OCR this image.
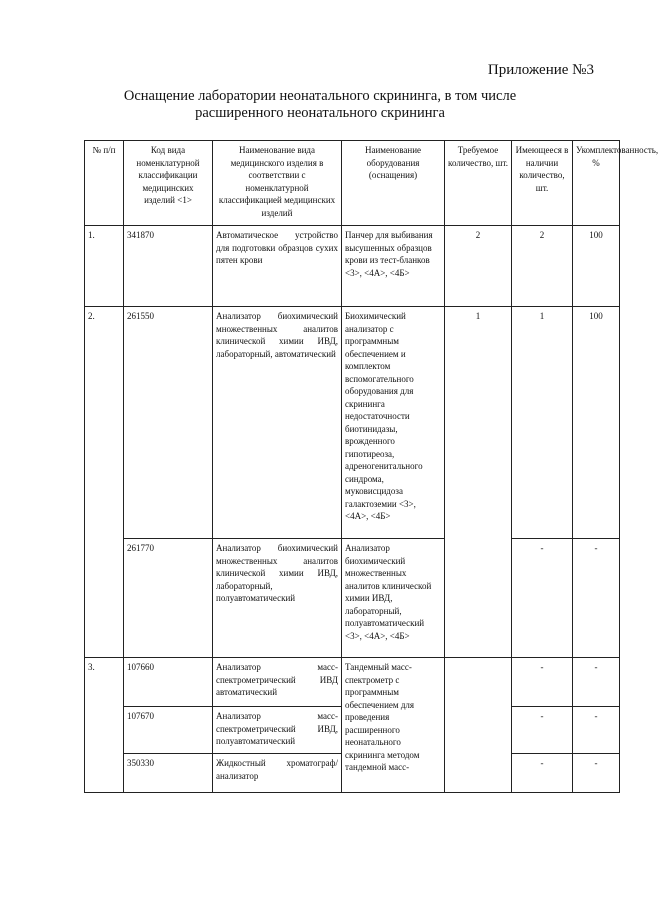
Приложение №3
Оснащение лаборатории неонатального скрининга, в том числе расширенного неонатального скрининга
№ п/п	Код вида номенклатурной классификации медицинских изделий <1>	Наименование вида медицинского изделия в соответствии с номенклатурной классификацией медицинских изделий	Наименование оборудования (оснащения)	Требуемое количество, шт.	Имеющееся в наличии количество, шт.	Укомплектованность, %
1.	341870	Автоматическое устройство для подготовки образцов сухих пятен крови	Панчер для выбивания высушенных образцов крови из тест-бланков <3>, <4А>, <4Б>	2	2	100
2.	261550	Анализатор биохимический множественных аналитов клинической химии ИВД, лабораторный, автоматический	Биохимический анализатор с программным обеспечением и комплектом вспомогательного оборудования для скрининга недостаточности биотинидазы, врожденного гипотиреоза, адреногенитального синдрома, муковисцидоза галактоземии <3>, <4А>, <4Б>	1	1	100
	261770	Анализатор биохимический множественных аналитов клинической химии ИВД, лабораторный, полуавтоматический	Анализатор биохимический множественных аналитов клинической химии ИВД, лабораторный, полуавтоматический <3>, <4А>, <4Б>		-	-
3.	107660	Анализатор масс-спектрометрический ИВД автоматический	Тандемный масс-спектрометр с программным обеспечением для проведения расширенного неонатального скрининга методом тандемной масс-		-	-
	107670	Анализатор масс-спектрометрический ИВД, полуавтоматический			-	-
	350330	Жидкостный хроматограф/анализатор			-	-
